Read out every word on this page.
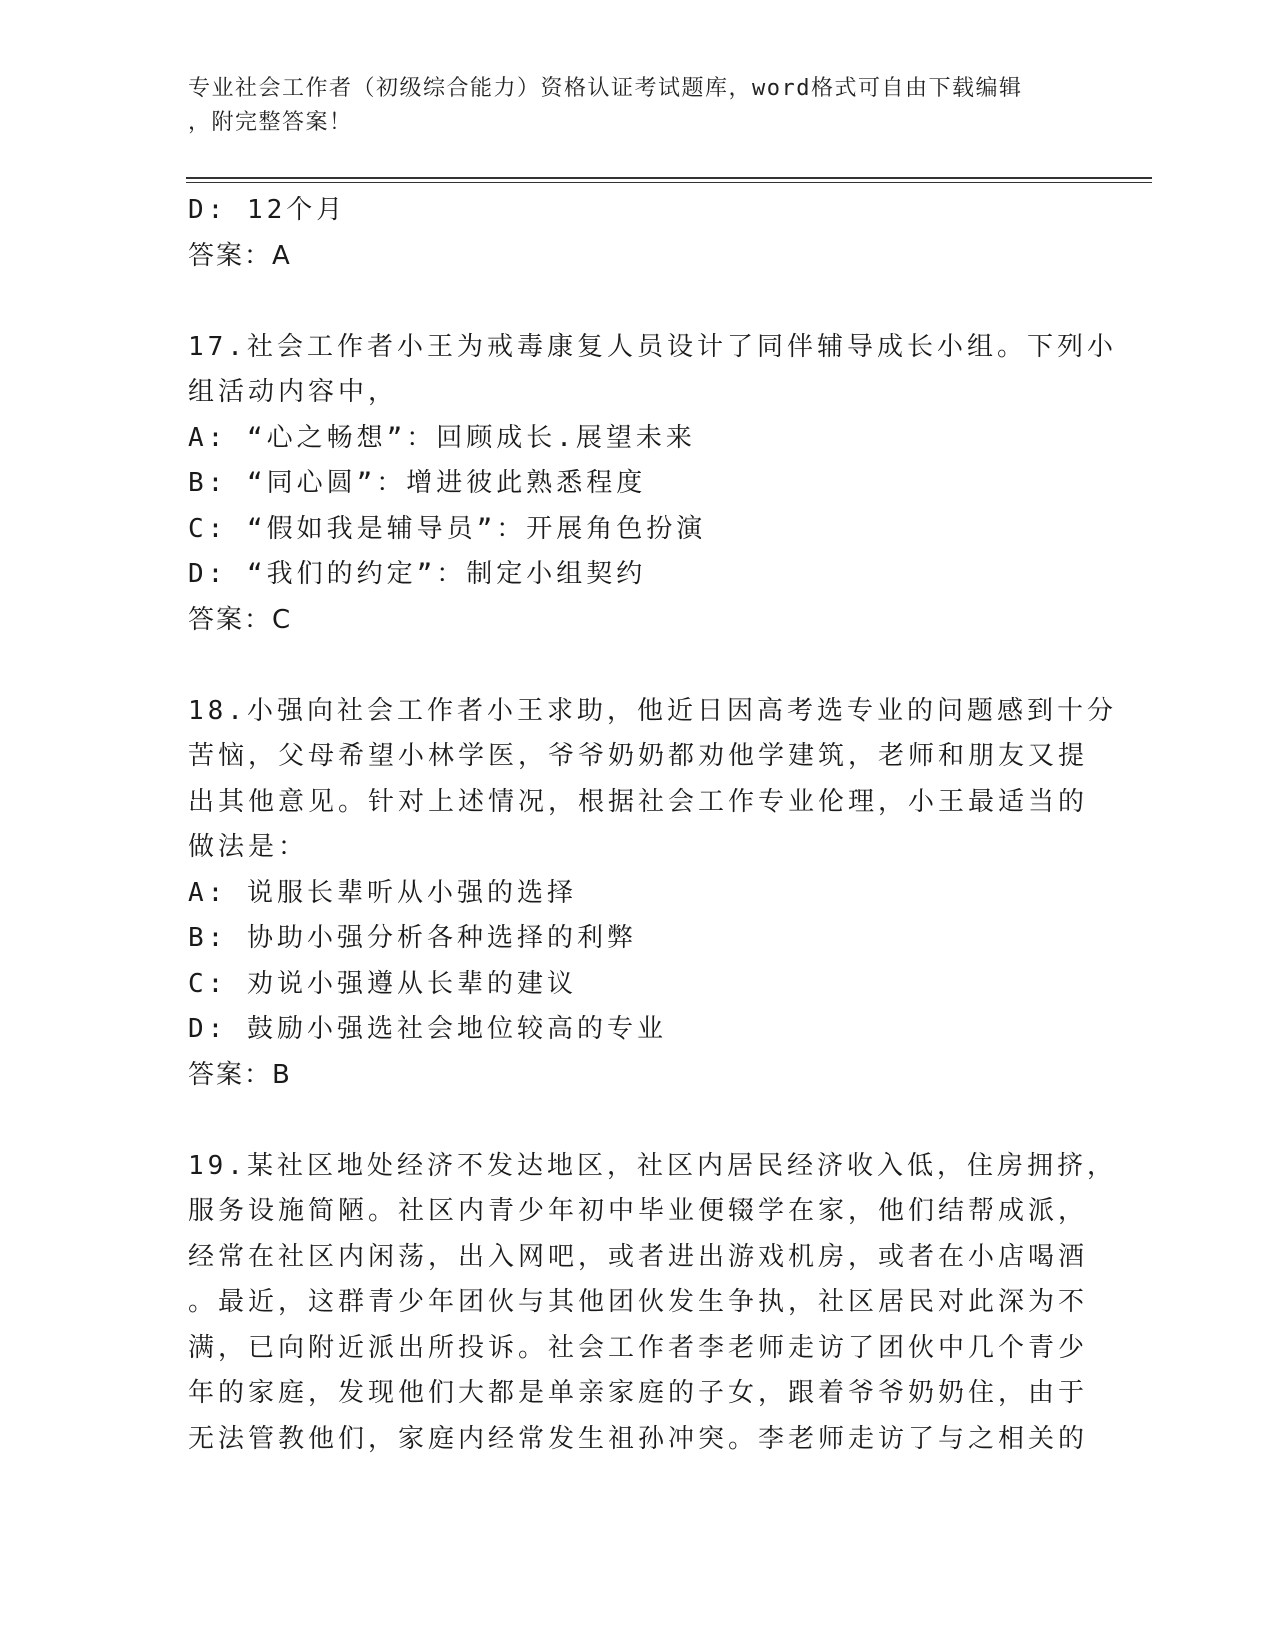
专业社会工作者（初级综合能力）资格认证考试题库，word格式可自由下载编辑
，附完整答案！
D: 12个月
答案：A
17.社会工作者小王为戒毒康复人员设计了同伴辅导成长小组。下列小
组活动内容中，
A: “心之畅想”：回顾成长.展望未来
B: “同心圆”：增进彼此熟悉程度
C: “假如我是辅导员”：开展角色扮演
D: “我们的约定”：制定小组契约
答案：C
18.小强向社会工作者小王求助，他近日因高考选专业的问题感到十分
苦恼，父母希望小林学医，爷爷奶奶都劝他学建筑，老师和朋友又提
出其他意见。针对上述情况，根据社会工作专业伦理，小王最适当的
做法是：
A: 说服长辈听从小强的选择
B: 协助小强分析各种选择的利弊
C: 劝说小强遵从长辈的建议
D: 鼓励小强选社会地位较高的专业
答案：B
19.某社区地处经济不发达地区，社区内居民经济收入低，住房拥挤，
服务设施简陋。社区内青少年初中毕业便辍学在家，他们结帮成派，
经常在社区内闲荡，出入网吧，或者进出游戏机房，或者在小店喝酒
。最近，这群青少年团伙与其他团伙发生争执，社区居民对此深为不
满，已向附近派出所投诉。社会工作者李老师走访了团伙中几个青少
年的家庭，发现他们大都是单亲家庭的子女，跟着爷爷奶奶住，由于
无法管教他们，家庭内经常发生祖孙冲突。李老师走访了与之相关的
